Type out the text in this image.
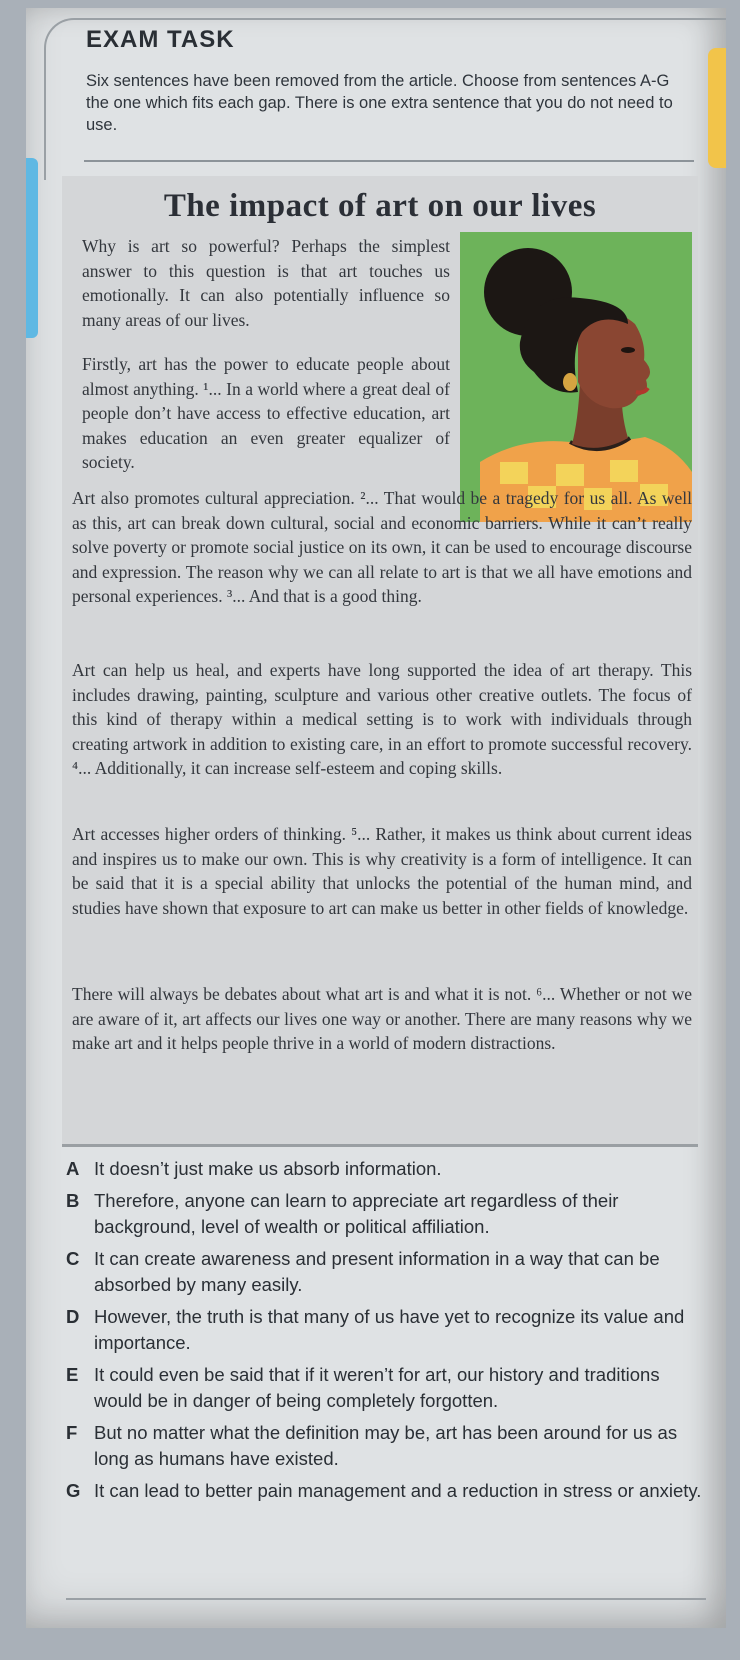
EXAM TASK
Six sentences have been removed from the article. Choose from sentences A-G the one which fits each gap. There is one extra sentence that you do not need to use.
The impact of art on our lives

Why is art so powerful? Perhaps the simplest answer to this question is that art touches us emotionally. It can also potentially influence so many areas of our lives.

Firstly, art has the power to educate people about almost anything. ¹... In a world where a great deal of people don’t have access to effective education, art makes education an even greater equalizer of society.

Art also promotes cultural appreciation. ²... That would be a tragedy for us all. As well as this, art can break down cultural, social and economic barriers. While it can’t really solve poverty or promote social justice on its own, it can be used to encourage discourse and expression. The reason why we can all relate to art is that we all have emotions and personal experiences. ³... And that is a good thing.

Art can help us heal, and experts have long supported the idea of art therapy. This includes drawing, painting, sculpture and various other creative outlets. The focus of this kind of therapy within a medical setting is to work with individuals through creating artwork in addition to existing care, in an effort to promote successful recovery. ⁴... Additionally, it can increase self-esteem and coping skills.

Art accesses higher orders of thinking. ⁵... Rather, it makes us think about current ideas and inspires us to make our own. This is why creativity is a form of intelligence. It can be said that it is a special ability that unlocks the potential of the human mind, and studies have shown that exposure to art can make us better in other fields of knowledge.

There will always be debates about what art is and what it is not. ⁶... Whether or not we are aware of it, art affects our lives one way or another. There are many reasons why we make art and it helps people thrive in a world of modern distractions.

A It doesn’t just make us absorb information.
B Therefore, anyone can learn to appreciate art regardless of their background, level of wealth or political affiliation.
C It can create awareness and present information in a way that can be absorbed by many easily.
D However, the truth is that many of us have yet to recognize its value and importance.
E It could even be said that if it weren’t for art, our history and traditions would be in danger of being completely forgotten.
F But no matter what the definition may be, art has been around for us as long as humans have existed.
G It can lead to better pain management and a reduction in stress or anxiety.
